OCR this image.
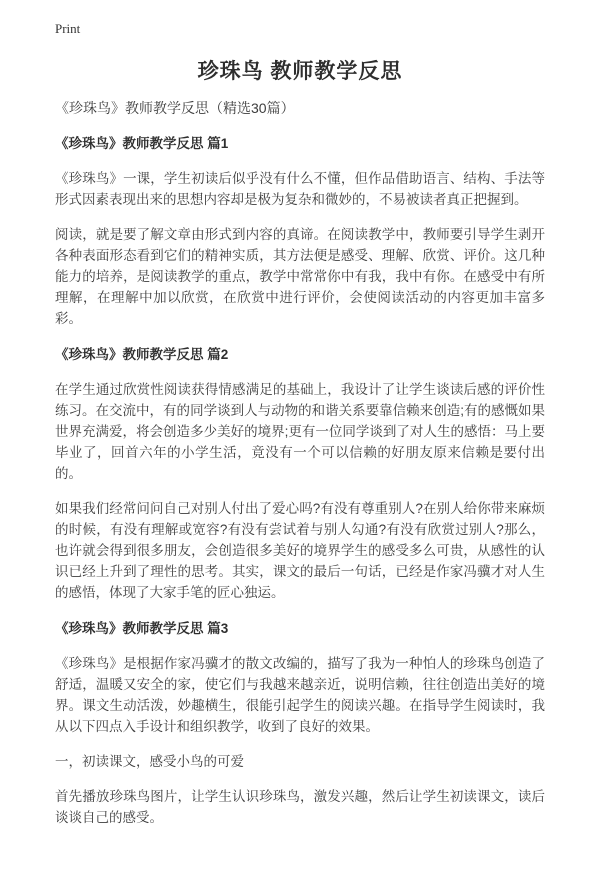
Print
珍珠鸟 教师教学反思

《珍珠鸟》教师教学反思（精选30篇）

《珍珠鸟》教师教学反思 篇1

《珍珠鸟》一课，学生初读后似乎没有什么不懂，但作品借助语言、结构、手法等形式因素表现出来的思想内容却是极为复杂和微妙的，不易被读者真正把握到。

阅读，就是要了解文章由形式到内容的真谛。在阅读教学中，教师要引导学生剥开各种表面形态看到它们的精神实质，其方法便是感受、理解、欣赏、评价。这几种能力的培养，是阅读教学的重点，教学中常常你中有我，我中有你。在感受中有所理解，在理解中加以欣赏，在欣赏中进行评价，会使阅读活动的内容更加丰富多彩。

《珍珠鸟》教师教学反思 篇2

在学生通过欣赏性阅读获得情感满足的基础上，我设计了让学生谈读后感的评价性练习。在交流中，有的同学谈到人与动物的和谐关系要靠信赖来创造;有的感慨如果世界充满爱，将会创造多少美好的境界;更有一位同学谈到了对人生的感悟：马上要毕业了，回首六年的小学生活，竟没有一个可以信赖的好朋友原来信赖是要付出的。

如果我们经常问问自己对别人付出了爱心吗?有没有尊重别人?在别人给你带来麻烦的时候，有没有理解或宽容?有没有尝试着与别人勾通?有没有欣赏过别人?那么，也许就会得到很多朋友，会创造很多美好的境界学生的感受多么可贵，从感性的认识已经上升到了理性的思考。其实，课文的最后一句话，已经是作家冯骥才对人生的感悟，体现了大家手笔的匠心独运。

《珍珠鸟》教师教学反思 篇3

《珍珠鸟》是根据作家冯骥才的散文改编的，描写了我为一种怕人的珍珠鸟创造了舒适，温暖又安全的家，使它们与我越来越亲近，说明信赖，往往创造出美好的境界。课文生动活泼，妙趣横生，很能引起学生的阅读兴趣。在指导学生阅读时，我从以下四点入手设计和组织教学，收到了良好的效果。

一，初读课文，感受小鸟的可爱

首先播放珍珠鸟图片，让学生认识珍珠鸟，激发兴趣，然后让学生初读课文，读后谈谈自己的感受。
